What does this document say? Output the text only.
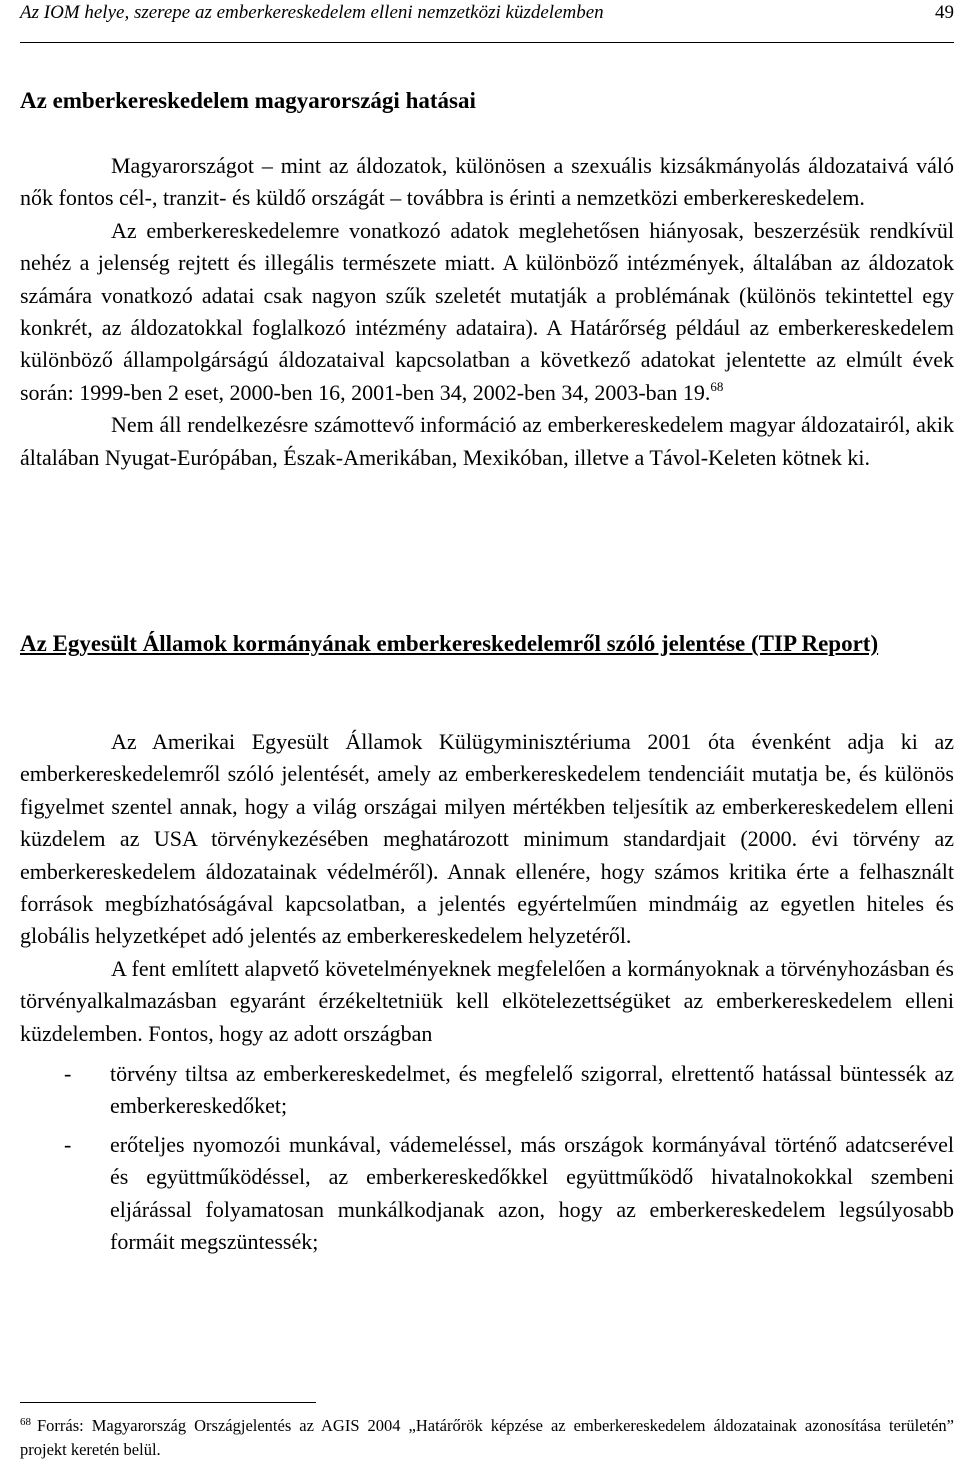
Az IOM helye, szerepe az emberkereskedelem elleni nemzetközi küzdelemben	49
Az emberkereskedelem magyarországi hatásai

Magyarországot – mint az áldozatok, különösen a szexuális kizsákmányolás áldozataivá váló nők fontos cél-, tranzit- és küldő országát – továbbra is érinti a nemzetközi emberkereskedelem.

Az emberkereskedelemre vonatkozó adatok meglehetősen hiányosak, beszerzésük rendkívül nehéz a jelenség rejtett és illegális természete miatt. A különböző intézmények, általában az áldozatok számára vonatkozó adatai csak nagyon szűk szeletét mutatják a problémának (különös tekintettel egy konkrét, az áldozatokkal foglalkozó intézmény adataira). A Határőrség például az emberkereskedelem különböző állampolgárságú áldozataival kapcsolatban a következő adatokat jelentette az elmúlt évek során: 1999-ben 2 eset, 2000-ben 16, 2001-ben 34, 2002-ben 34, 2003-ban 19.68

Nem áll rendelkezésre számottevő információ az emberkereskedelem magyar áldozatairól, akik általában Nyugat-Európában, Észak-Amerikában, Mexikóban, illetve a Távol-Keleten kötnek ki.

Az Egyesült Államok kormányának emberkereskedelemről szóló jelentése (TIP Report)

Az Amerikai Egyesült Államok Külügyminisztériuma 2001 óta évenként adja ki az emberkereskedelemről szóló jelentését, amely az emberkereskedelem tendenciáit mutatja be, és különös figyelmet szentel annak, hogy a világ országai milyen mértékben teljesítik az emberkereskedelem elleni küzdelem az USA törvénykezésében meghatározott minimum standardjait (2000. évi törvény az emberkereskedelem áldozatainak védelméről). Annak ellenére, hogy számos kritika érte a felhasznált források megbízhatóságával kapcsolatban, a jelentés egyértelműen mindmáig az egyetlen hiteles és globális helyzetképet adó jelentés az emberkereskedelem helyzetéről.

A fent említett alapvető követelményeknek megfelelően a kormányoknak a törvényhozásban és törvényalkalmazásban egyaránt érzékeltetniük kell elkötelezettségüket az emberkereskedelem elleni küzdelemben. Fontos, hogy az adott országban

- törvény tiltsa az emberkereskedelmet, és megfelelő szigorral, elrettentő hatással büntessék az emberkereskedőket;
- erőteljes nyomozói munkával, vádemeléssel, más országok kormányával történő adatcserével és együttműködéssel, az emberkereskedőkkel együttműködő hivatalnokokkal szembeni eljárással folyamatosan munkálkodjanak azon, hogy az emberkereskedelem legsúlyosabb formáit megszüntessék;
$^{68}$ Forrás: Magyarország Országjelentés az AGIS 2004 „Határőrök képzése az emberkereskedelem áldozatainak azonosítása területén” projekt keretén belül.
